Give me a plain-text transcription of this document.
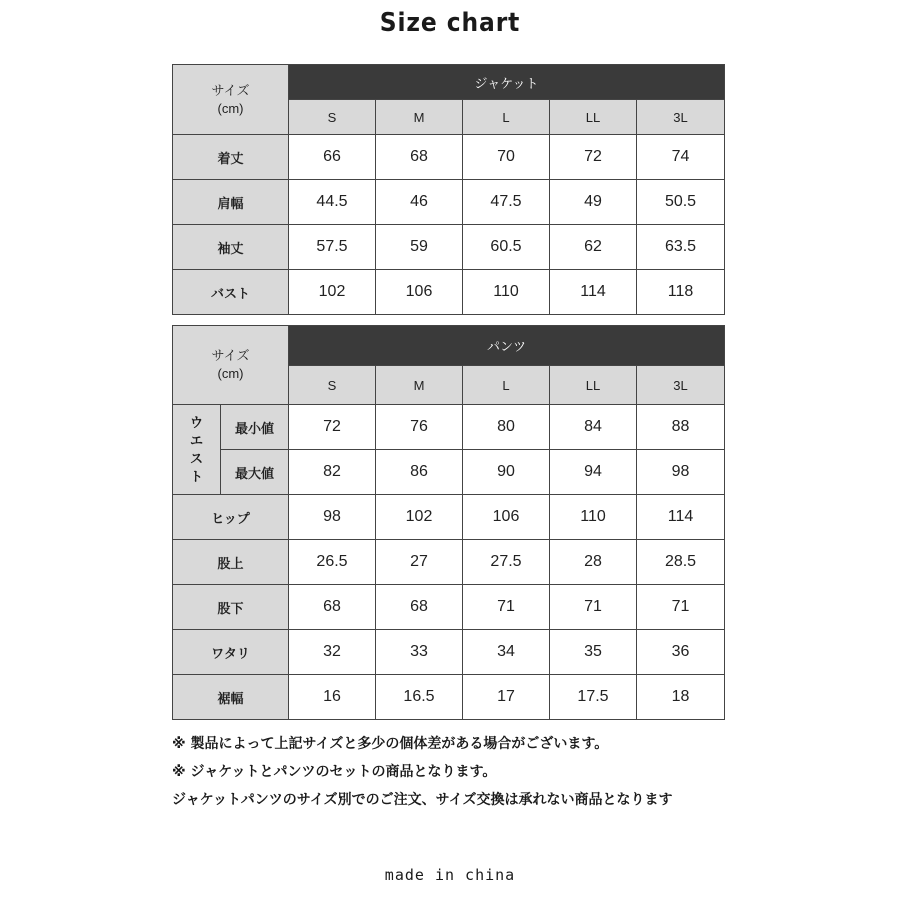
Size chart
サイズ
(cm)	ジャケット				
	S	M	L	LL	3L
着丈	66	68	70	72	74
肩幅	44.5	46	47.5	49	50.5
袖丈	57.5	59	60.5	62	63.5
バスト	102	106	110	114	118
サイズ
(cm)		パンツ				
		S	M	L	LL	3L

ウ
エ
ス
ト	最小値	72	76	80	84	88
	最大値	82	86	90	94	98
ヒップ		98	102	106	110	114
股上		26.5	27	27.5	28	28.5
股下		68	68	71	71	71
ワタリ		32	33	34	35	36
裾幅		16	16.5	17	17.5	18
※ 製品によって上記サイズと多少の個体差がある場合がございます。
※ ジャケットとパンツのセットの商品となります。
ジャケットパンツのサイズ別でのご注文、サイズ交換は承れない商品となります
made in china
